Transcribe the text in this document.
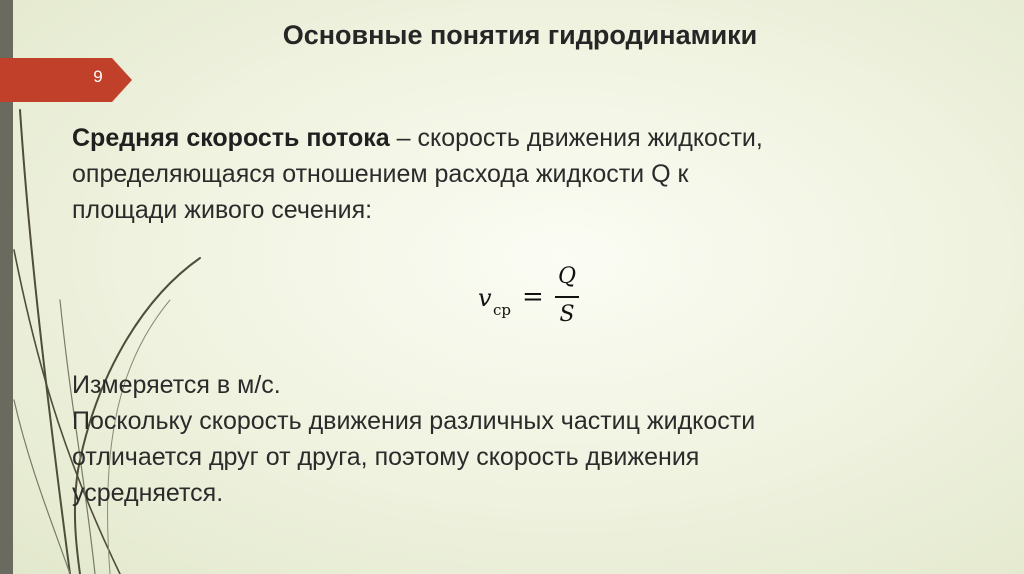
Основные понятия гидродинамики
9
Средняя скорость потока – скорость движения жидкости,
определяющаяся отношением расхода жидкости Q к
площади живого сечения:
v ср =
Q
S
Измеряется в м/с.
Поскольку скорость движения различных частиц жидкости
отличается друг от друга, поэтому скорость движения
усредняется.
